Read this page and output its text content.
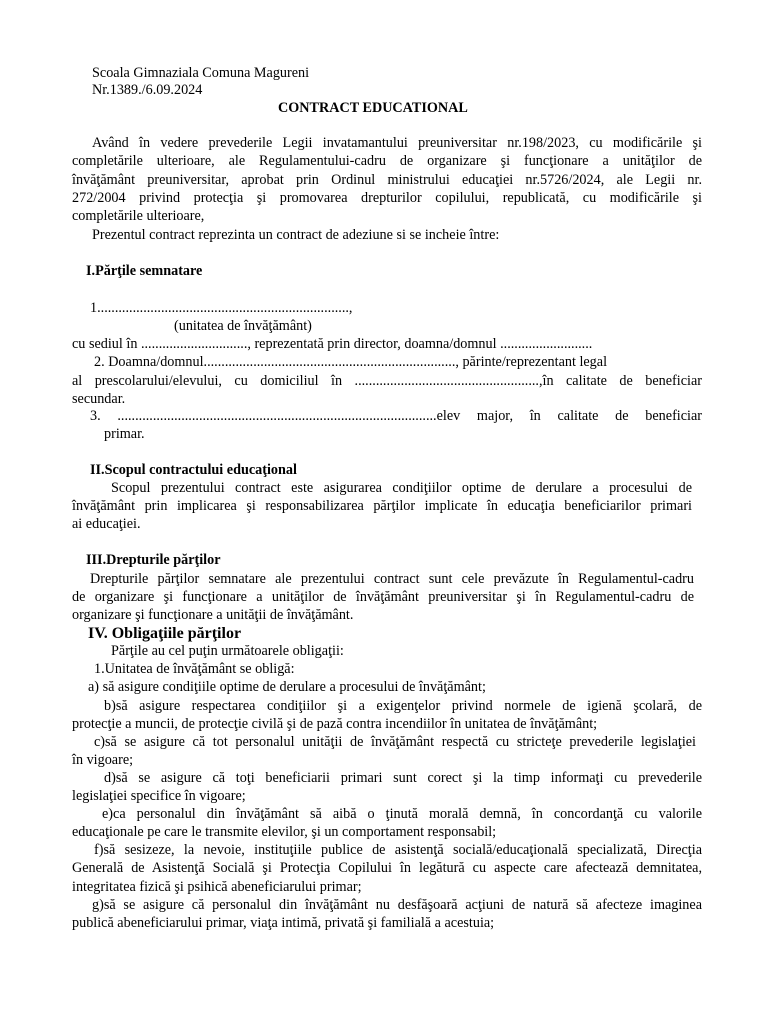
Scoala Gimnaziala Comuna Magureni
Nr.1389./6.09.2024
CONTRACT EDUCATIONAL
Având în vedere prevederile Legii invatamantului preuniversitar nr.198/2023, cu modificările şi
completările ulterioare, ale Regulamentului-cadru de organizare şi funcţionare a unităţilor de
învăţământ preuniversitar, aprobat prin Ordinul ministrului educaţiei nr.5726/2024, ale Legii nr.
272/2004 privind protecţia şi promovarea drepturilor copilului, republicată, cu modificările şi
completările ulterioare,
Prezentul contract reprezinta un contract de adeziune si se incheie între:
I.Părţile semnatare
1.......................................................................,
(unitatea de învăţământ)
cu sediul în .............................., reprezentată prin director, doamna/domnul ..........................
2. Doamna/domnul......................................................................., părinte/reprezentant legal
al prescolarului/elevului, cu domiciliul în ....................................................,în calitate de beneficiar
secundar.
3. ..........................................................................................elev major, în calitate de beneficiar
primar.
II.Scopul contractului educaţional
Scopul prezentului contract este asigurarea condiţiilor optime de derulare a procesului de
învăţământ prin implicarea şi responsabilizarea părţilor implicate în educaţia beneficiarilor primari
ai educaţiei.
III.Drepturile părţilor
Drepturile părţilor semnatare ale prezentului contract sunt cele prevăzute în Regulamentul-cadru
de organizare şi funcţionare a unităţilor de învăţământ preuniversitar şi în Regulamentul-cadru de
organizare şi funcţionare a unităţii de învăţământ.
IV. Obligaţiile părţilor
Părţile au cel puţin următoarele obligaţii:
1.Unitatea de învăţământ se obligă:
a) să asigure condiţiile optime de derulare a procesului de învăţământ;
b)să asigure respectarea condiţiilor şi a exigenţelor privind normele de igienă şcolară, de
protecţie a muncii, de protecţie civilă şi de pază contra incendiilor în unitatea de învăţământ;
c)să se asigure că tot personalul unităţii de învăţământ respectă cu stricteţe prevederile legislaţiei
în vigoare;
d)să se asigure că toţi beneficiarii primari sunt corect şi la timp informaţi cu prevederile
legislaţiei specifice în vigoare;
e)ca personalul din învăţământ să aibă o ţinută morală demnă, în concordanţă cu valorile
educaţionale pe care le transmite elevilor, şi un comportament responsabil;
f)să sesizeze, la nevoie, instituţiile publice de asistenţă socială/educaţională specializată, Direcţia
Generală de Asistenţă Socială şi Protecţia Copilului în legătură cu aspecte care afectează demnitatea,
integritatea fizică şi psihică abeneficiarului primar;
g)să se asigure că personalul din învăţământ nu desfăşoară acţiuni de natură să afecteze imaginea
publică abeneficiarului primar, viaţa intimă, privată şi familială a acestuia;
